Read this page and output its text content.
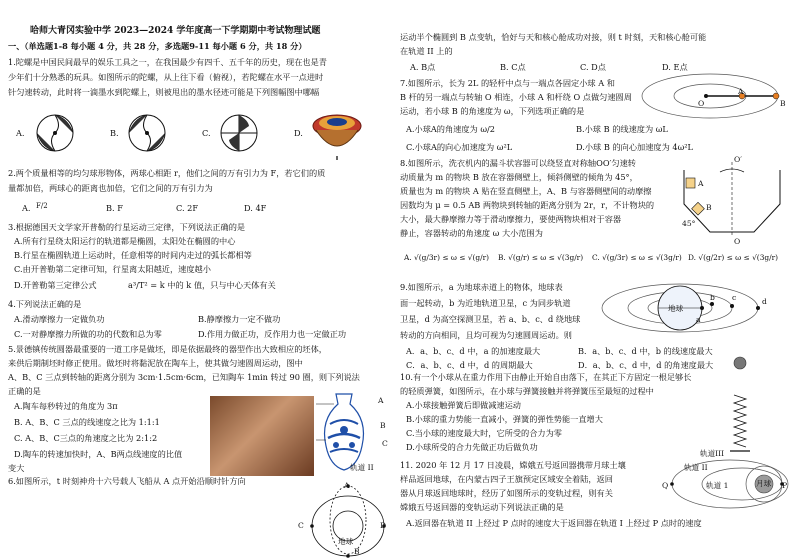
哈师大青冈实验中学 2023—2024 学年度高一下学期期中考试物理试题
一、（单选题1-8 每小题 4 分，共 28 分，多选题9-11 每小题 6 分，共 18 分）
1.陀螺是中国民间最早的娱乐工具之一，在我国最少有四千、五千年的历史，现在也是青
少年们十分熟悉的玩具。如图所示的陀螺，从上往下看（俯视），若陀螺在水平一点进时
针匀速转动，此时将一滴墨水到陀螺上，则被甩出的墨水径迹可能是下列图幅图中哪幅
A.	B.	C.	D.
2.两个质量相等的均匀球形物体，两球心相距 r，他们之间的万有引力为 F，若它们的质
量都加倍，两球心的距离也加倍，它们之间的万有引力为
A. F/2	B. F	C. 2F	D. 4F
3.根据德国天文学家开普勒的行星运动三定律，下列说法正确的是
A.所有行星绕太阳运行的轨道都是椭圆，太阳处在椭圆的中心
B.行星在椭圆轨道上运动时，任意相等的时间内走过的弧长都相等
C.由开普勒第二定律可知，行星离太阳越近，速度越小
D.开普勒第三定律公式	a³/T² = k 中的 k 值，只与中心天体有关
4.下列说法正确的是
A.滑动摩擦力一定做负功	B.静摩擦力一定不做功
C.一对静摩擦力所做的功的代数和总为零	D.作用力做正功，反作用力也一定做正功
5.景德镇传统圆器最重要的一道工序是做坯，即是依据最终的器型作出大致相应的坯体，
来供后期制坯时修正使用。做坯时将黏泥放在陶车上，使其做匀速圆周运动，图中
A、B、C 三点到转轴的距离分别为 3cm·1.5cm·6cm，已知陶车 1min 转过 90 圈，则下列说法
正确的是
A.陶车每秒转过的角度为 3π
B. A、B、C 三点的线速度之比为 1:1:1
C. A、B、C三点的角速度之比为 2:1:2
D.陶车的转速加快时，A、B两点线速度的比值
变大
A
B
C
6.如图所示，t 时刻神舟十六号载人飞船从 A 点开始沿顺时针方向
地球
轨道 II
A
C	D
B
运动半个椭圆到 B 点变轨，恰好与天和核心舱成功对接，则 t 时刻，天和核心舱可能
在轨道 II 上的
A. B点	B. C点	C. D点	D. E点
7.如图所示，长为 2L 的轻杆中点与一端点各固定小球 A 和
B 杆的另一端点与转轴 O 相连，小球 A 和杆绕 O 点做匀速圆周
运动，若小球 B 的角速度为 ω，下列选项正确的是
A.小球A的角速度为 ω/2	B.小球 B 的线速度为 ωL
C.小球A的向心加速度为 ω²L	D.小球 B 的向心加速度为 4ω²L
O
A
B
8.如图所示，洗衣机内的漏斗状容器可以绕竖直对称轴OO′匀速转
动质量为 m 的物块 B 放在容器侧壁上，倾斜侧壁的倾角为 45°，
质量也为 m 的物块 A 贴在竖直侧壁上，A、B 与容器侧壁间的动摩擦
因数均为 μ = 0.5 AB 两物块到转轴的距离分别为 2r，r，不计物块的
大小，最大静摩擦力等于滑动摩擦力，要使两物块相对于容器
静止，容器转动的角速度 ω 大小范围为
A. √(g/3r) ≤ ω ≤ √(g/r) B. √(g/r) ≤ ω ≤ √(3g/r) C. √(g/3r) ≤ ω ≤ √(3g/r) D. √(g/2r) ≤ ω ≤ √(3g/r)
O′
O
A
B
45°
9.如图所示，a 为地球赤道上的物体，地球表
面一起转动，b 为近地轨道卫星，c 为同步轨道
卫星，d 为高空探测卫星，若 a、b、c、d 绕地球
转动的方向相同，且均可视为匀速圆周运动。则
A．a、b、c、d 中，a 的加速度最大	B．a、b、c、d 中，b 的线速度最大
C．a、b、c、d 中，d 的周期最大	D．a、b、c、d 中，d 的角速度最大
地球
a
b c	d
10.有一个小球从在重力作用下由静止开始自由落下，在其正下方固定一根足够长
的轻质弹簧，如图所示，在小球与弹簧接触并将弹簧压至最短的过程中
A.小球接触弹簧后即做减速运动
B.小球的重力势能一直减小，弹簧的弹性势能一直增大
C.当小球的速度最大时，它所受的合力为零
D.小球所受的合力先做正功后做负功
11. 2020 年 12 月 17 日凌晨，嫦娥五号返回器携带月球土壤
样品返回地球，在内蒙古四子王旗预定区域安全着陆，返回
器从月球返回地球时，经历了如图所示的变轨过程，则有关
嫦娥五号返回器的变轨运动下列说法正确的是
A.返回器在轨道 II 上经过 P 点时的速度大于返回器在轨道 I 上经过 P 点时的速度
轨道III
轨道 II
轨道 1	月球
Q	P
